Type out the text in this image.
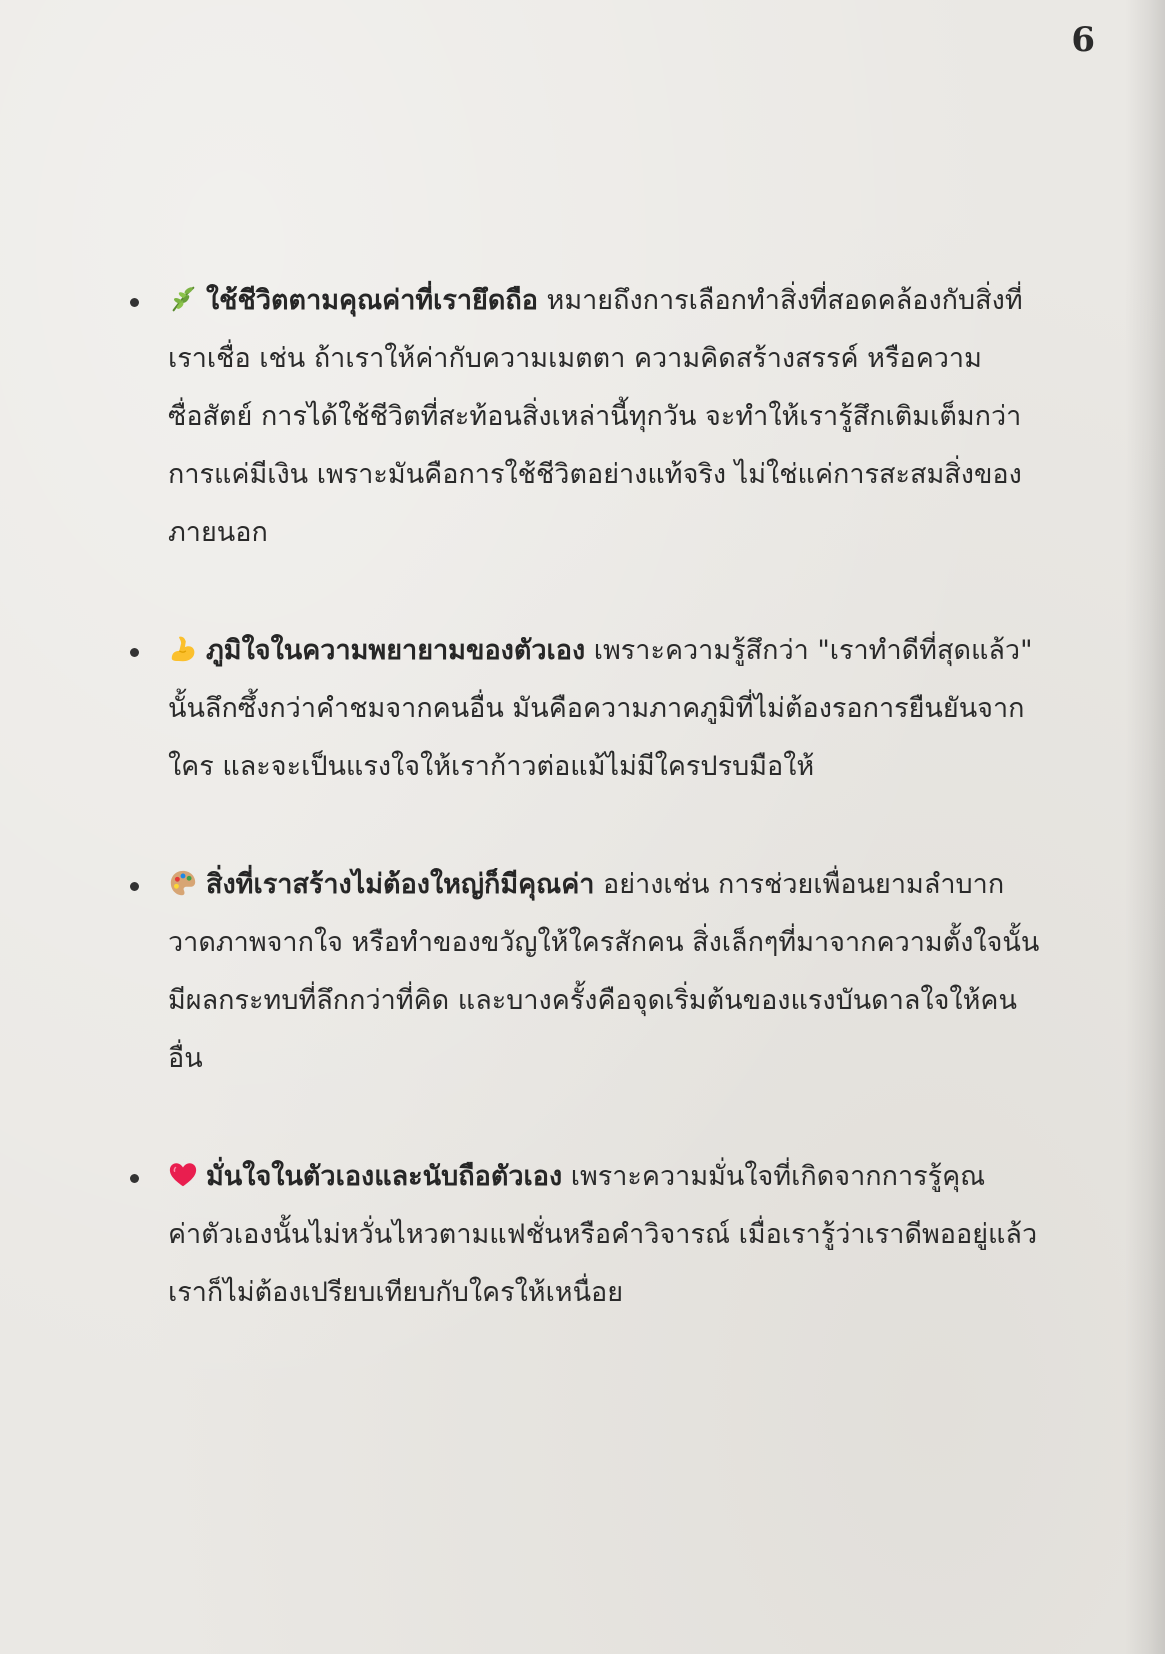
6
ใช้ชีวิตตามคุณค่าที่เรายึดถือ หมายถึงการเลือกทำสิ่งที่สอดคล้องกับสิ่งที่เราเชื่อ เช่น ถ้าเราให้ค่ากับความเมตตา ความคิดสร้างสรรค์ หรือความซื่อสัตย์ การได้ใช้ชีวิตที่สะท้อนสิ่งเหล่านี้ทุกวัน จะทำให้เรารู้สึกเติมเต็มกว่าการแค่มีเงิน เพราะมันคือการใช้ชีวิตอย่างแท้จริง ไม่ใช่แค่การสะสมสิ่งของภายนอก
ภูมิใจในความพยายามของตัวเอง เพราะความรู้สึกว่า "เราทำดีที่สุดแล้ว" นั้นลึกซึ้งกว่าคำชมจากคนอื่น มันคือความภาคภูมิที่ไม่ต้องรอการยืนยันจากใคร และจะเป็นแรงใจให้เราก้าวต่อแม้ไม่มีใครปรบมือให้
สิ่งที่เราสร้างไม่ต้องใหญ่ก็มีคุณค่า อย่างเช่น การช่วยเพื่อนยามลำบาก วาดภาพจากใจ หรือทำของขวัญให้ใครสักคน สิ่งเล็กๆที่มาจากความตั้งใจนั้นมีผลกระทบที่ลึกกว่าที่คิด และบางครั้งคือจุดเริ่มต้นของแรงบันดาลใจให้คนอื่น
มั่นใจในตัวเองและนับถือตัวเอง เพราะความมั่นใจที่เกิดจากการรู้คุณค่าตัวเองนั้นไม่หวั่นไหวตามแฟชั่นหรือคำวิจารณ์ เมื่อเรารู้ว่าเราดีพออยู่แล้ว เราก็ไม่ต้องเปรียบเทียบกับใครให้เหนื่อย
